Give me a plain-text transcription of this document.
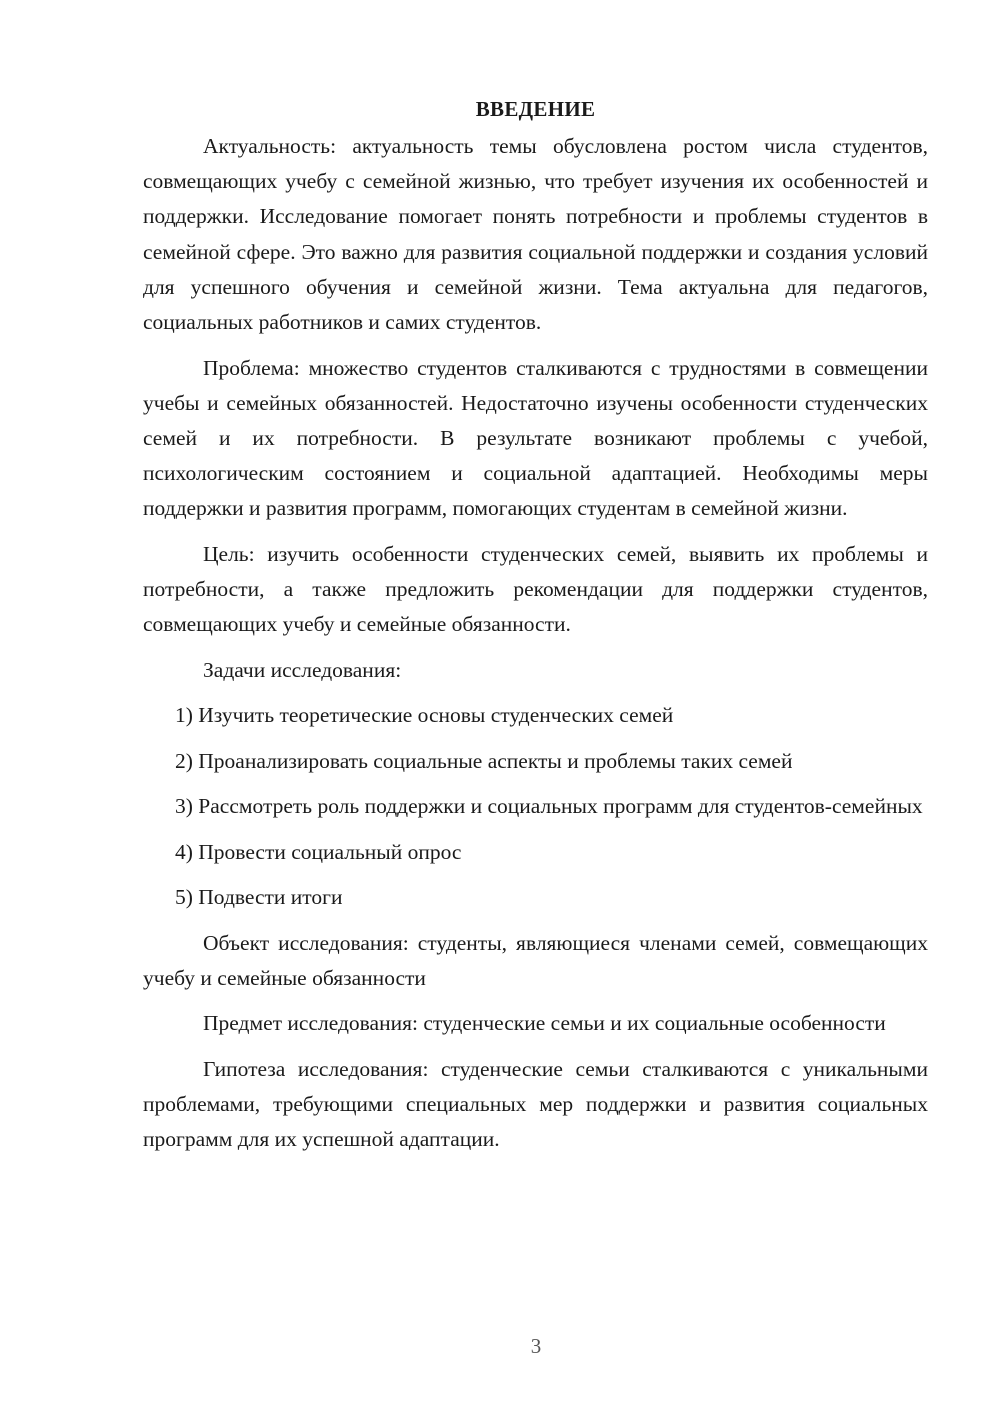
ВВЕДЕНИЕ

Актуальность: актуальность темы обусловлена ростом числа студентов, совмещающих учебу с семейной жизнью, что требует изучения их особенностей и поддержки. Исследование помогает понять потребности и проблемы студентов в семейной сфере. Это важно для развития социальной поддержки и создания условий для успешного обучения и семейной жизни. Тема актуальна для педагогов, социальных работников и самих студентов.

Проблема: множество студентов сталкиваются с трудностями в совмещении учебы и семейных обязанностей. Недостаточно изучены особенности студенческих семей и их потребности. В результате возникают проблемы с учебой, психологическим состоянием и социальной адаптацией. Необходимы меры поддержки и развития программ, помогающих студентам в семейной жизни.

Цель: изучить особенности студенческих семей, выявить их проблемы и потребности, а также предложить рекомендации для поддержки студентов, совмещающих учебу и семейные обязанности.

Задачи исследования:

1) Изучить теоретические основы студенческих семей

2) Проанализировать социальные аспекты и проблемы таких семей

3) Рассмотреть роль поддержки и социальных программ для студентов-семейных

4) Провести социальный опрос

5) Подвести итоги

Объект исследования: студенты, являющиеся членами семей, совмещающих учебу и семейные обязанности

Предмет исследования: студенческие семьи и их социальные особенности

Гипотеза исследования: студенческие семьи сталкиваются с уникальными проблемами, требующими специальных мер поддержки и развития социальных программ для их успешной адаптации.

3
